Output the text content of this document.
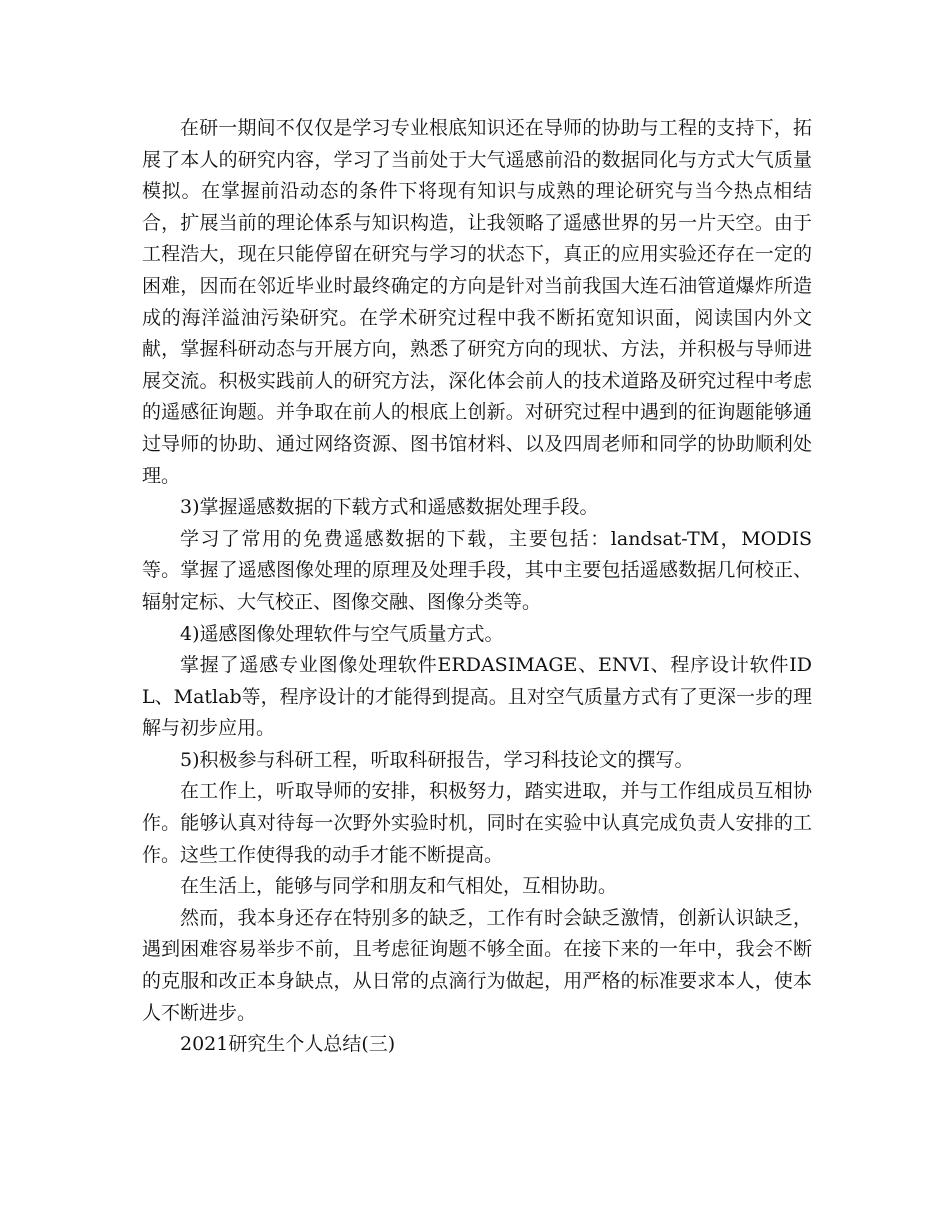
在研一期间不仅仅是学习专业根底知识还在导师的协助与工程的支持下，拓展了本人的研究内容，学习了当前处于大气遥感前沿的数据同化与方式大气质量模拟。在掌握前沿动态的条件下将现有知识与成熟的理论研究与当今热点相结合，扩展当前的理论体系与知识构造，让我领略了遥感世界的另一片天空。由于工程浩大，现在只能停留在研究与学习的状态下，真正的应用实验还存在一定的困难，因而在邻近毕业时最终确定的方向是针对当前我国大连石油管道爆炸所造成的海洋溢油污染研究。在学术研究过程中我不断拓宽知识面，阅读国内外文献，掌握科研动态与开展方向，熟悉了研究方向的现状、方法，并积极与导师进展交流。积极实践前人的研究方法，深化体会前人的技术道路及研究过程中考虑的遥感征询题。并争取在前人的根底上创新。对研究过程中遇到的征询题能够通过导师的协助、通过网络资源、图书馆材料、以及四周老师和同学的协助顺利处理。

3)掌握遥感数据的下载方式和遥感数据处理手段。

学习了常用的免费遥感数据的下载，主要包括：landsat-TM，MODIS等。掌握了遥感图像处理的原理及处理手段，其中主要包括遥感数据几何校正、辐射定标、大气校正、图像交融、图像分类等。

4)遥感图像处理软件与空气质量方式。

掌握了遥感专业图像处理软件ERDASIMAGE、ENVI、程序设计软件IDL、Matlab等，程序设计的才能得到提高。且对空气质量方式有了更深一步的理解与初步应用。

5)积极参与科研工程，听取科研报告，学习科技论文的撰写。

在工作上，听取导师的安排，积极努力，踏实进取，并与工作组成员互相协作。能够认真对待每一次野外实验时机，同时在实验中认真完成负责人安排的工作。这些工作使得我的动手才能不断提高。

在生活上，能够与同学和朋友和气相处，互相协助。

然而，我本身还存在特别多的缺乏，工作有时会缺乏激情，创新认识缺乏，遇到困难容易举步不前，且考虑征询题不够全面。在接下来的一年中，我会不断的克服和改正本身缺点，从日常的点滴行为做起，用严格的标准要求本人，使本人不断进步。

2021研究生个人总结(三)
